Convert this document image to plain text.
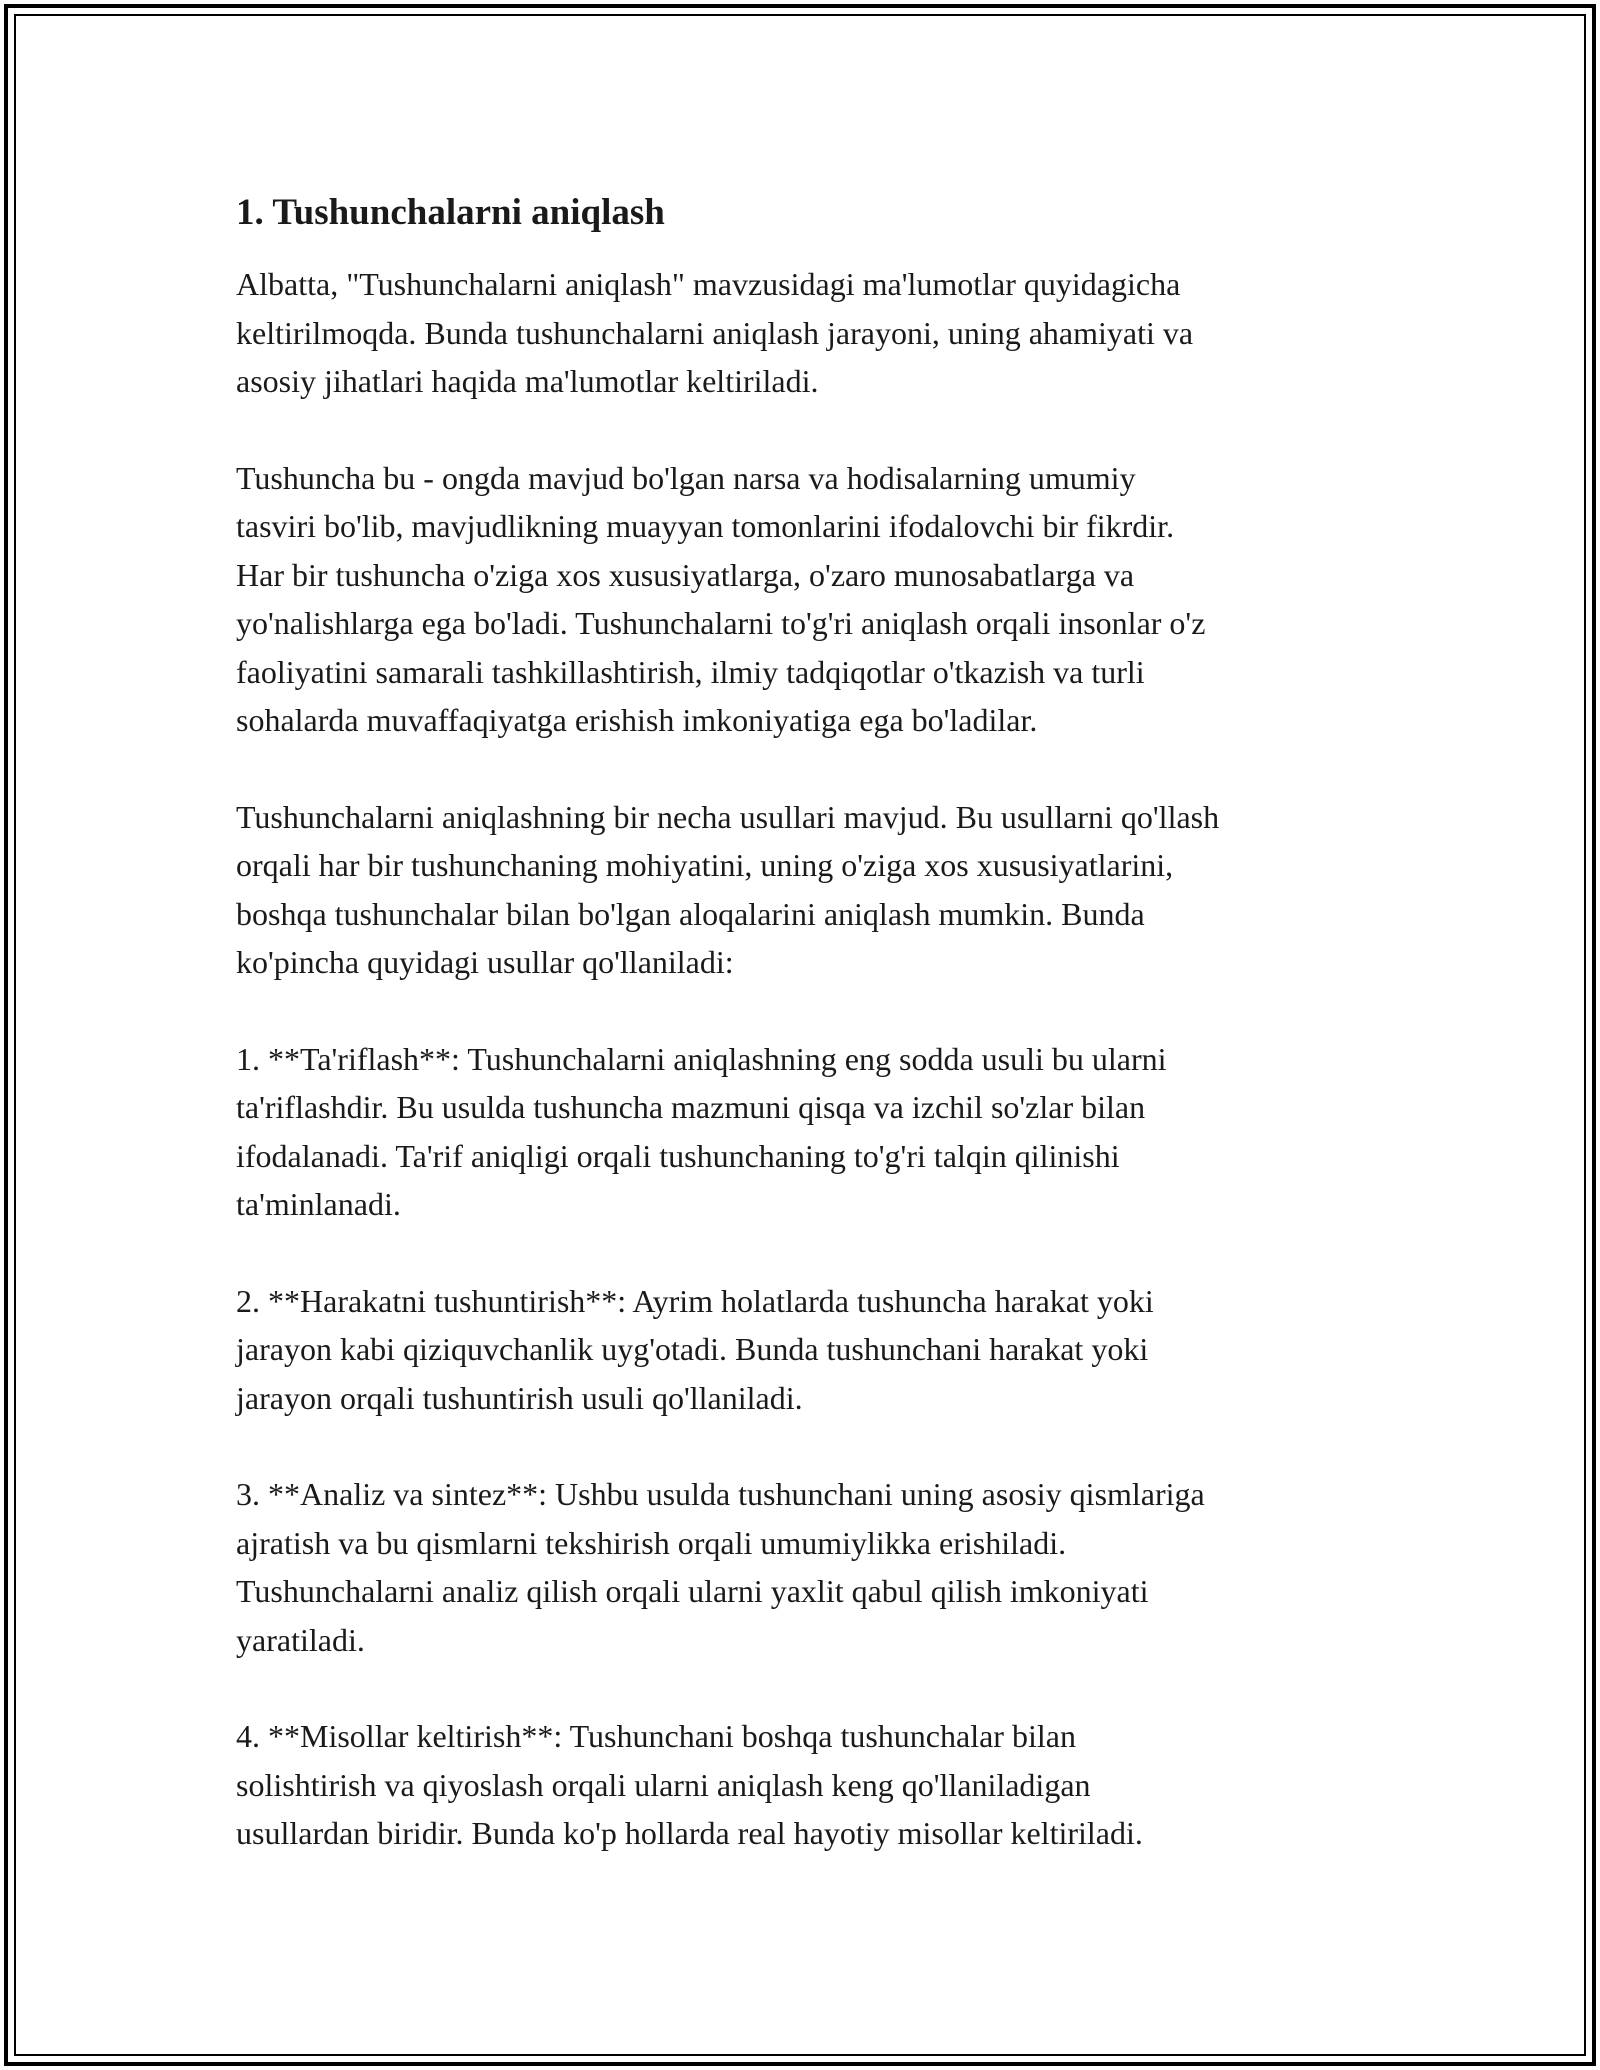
1. Tushunchalarni aniqlash

Albatta, "Tushunchalarni aniqlash" mavzusidagi ma'lumotlar quyidagicha
keltirilmoqda. Bunda tushunchalarni aniqlash jarayoni, uning ahamiyati va
asosiy jihatlari haqida ma'lumotlar keltiriladi.

Tushuncha bu - ongda mavjud bo'lgan narsa va hodisalarning umumiy
tasviri bo'lib, mavjudlikning muayyan tomonlarini ifodalovchi bir fikrdir.
Har bir tushuncha o'ziga xos xususiyatlarga, o'zaro munosabatlarga va
yo'nalishlarga ega bo'ladi. Tushunchalarni to'g'ri aniqlash orqali insonlar o'z
faoliyatini samarali tashkillashtirish, ilmiy tadqiqotlar o'tkazish va turli
sohalarda muvaffaqiyatga erishish imkoniyatiga ega bo'ladilar.

Tushunchalarni aniqlashning bir necha usullari mavjud. Bu usullarni qo'llash
orqali har bir tushunchaning mohiyatini, uning o'ziga xos xususiyatlarini,
boshqa tushunchalar bilan bo'lgan aloqalarini aniqlash mumkin. Bunda
ko'pincha quyidagi usullar qo'llaniladi:

1. **Ta'riflash**: Tushunchalarni aniqlashning eng sodda usuli bu ularni
ta'riflashdir. Bu usulda tushuncha mazmuni qisqa va izchil so'zlar bilan
ifodalanadi. Ta'rif aniqligi orqali tushunchaning to'g'ri talqin qilinishi
ta'minlanadi.

2. **Harakatni tushuntirish**: Ayrim holatlarda tushuncha harakat yoki
jarayon kabi qiziquvchanlik uyg'otadi. Bunda tushunchani harakat yoki
jarayon orqali tushuntirish usuli qo'llaniladi.

3. **Analiz va sintez**: Ushbu usulda tushunchani uning asosiy qismlariga
ajratish va bu qismlarni tekshirish orqali umumiylikka erishiladi.
Tushunchalarni analiz qilish orqali ularni yaxlit qabul qilish imkoniyati
yaratiladi.

4. **Misollar keltirish**: Tushunchani boshqa tushunchalar bilan
solishtirish va qiyoslash orqali ularni aniqlash keng qo'llaniladigan
usullardan biridir. Bunda ko'p hollarda real hayotiy misollar keltiriladi.
